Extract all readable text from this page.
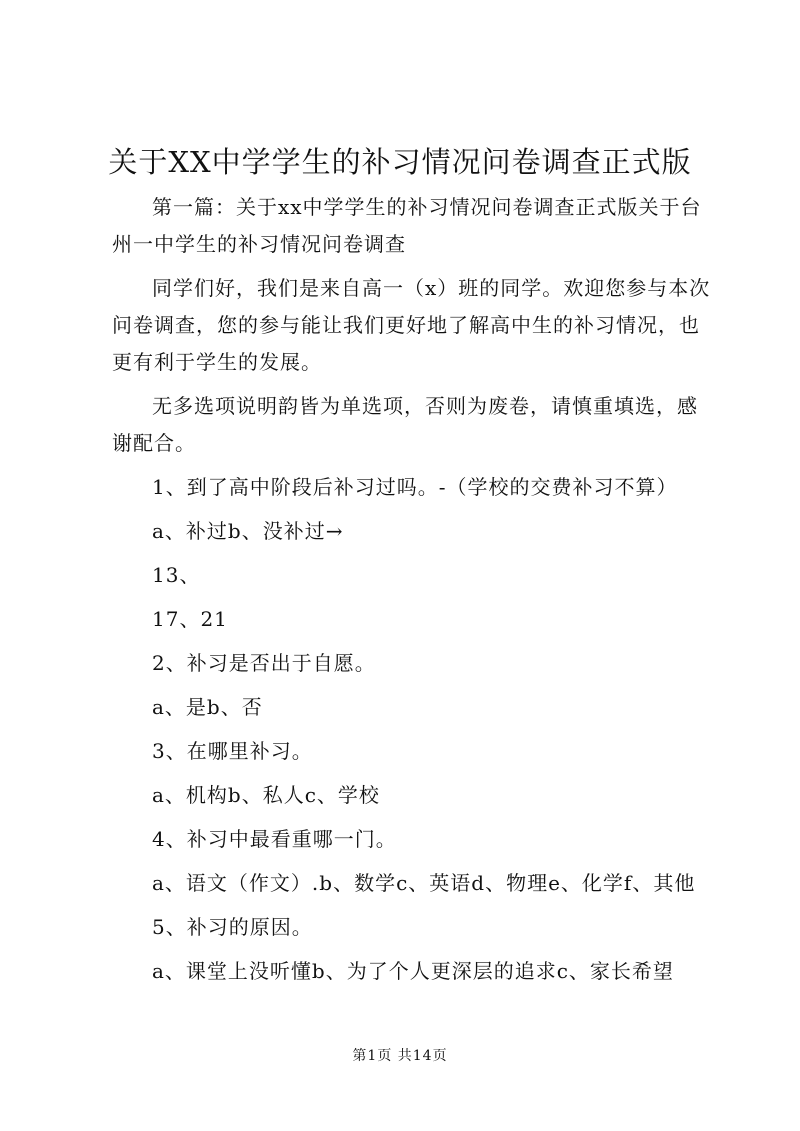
关于XX中学学生的补习情况问卷调查正式版

第一篇：关于xx中学学生的补习情况问卷调查正式版关于台州一中学生的补习情况问卷调查

同学们好，我们是来自高一（x）班的同学。欢迎您参与本次问卷调查，您的参与能让我们更好地了解高中生的补习情况，也更有利于学生的发展。

无多选项说明韵皆为单选项，否则为废卷，请慎重填选，感谢配合。

1、到了高中阶段后补习过吗。-（学校的交费补习不算）

a、补过b、没补过→

13、

17、21

2、补习是否出于自愿。

a、是b、否

3、在哪里补习。

a、机构b、私人c、学校

4、补习中最看重哪一门。

a、语文（作文）.b、数学c、英语d、物理e、化学f、其他

5、补习的原因。

a、课堂上没听懂b、为了个人更深层的追求c、家长希望

第1页 共14页
